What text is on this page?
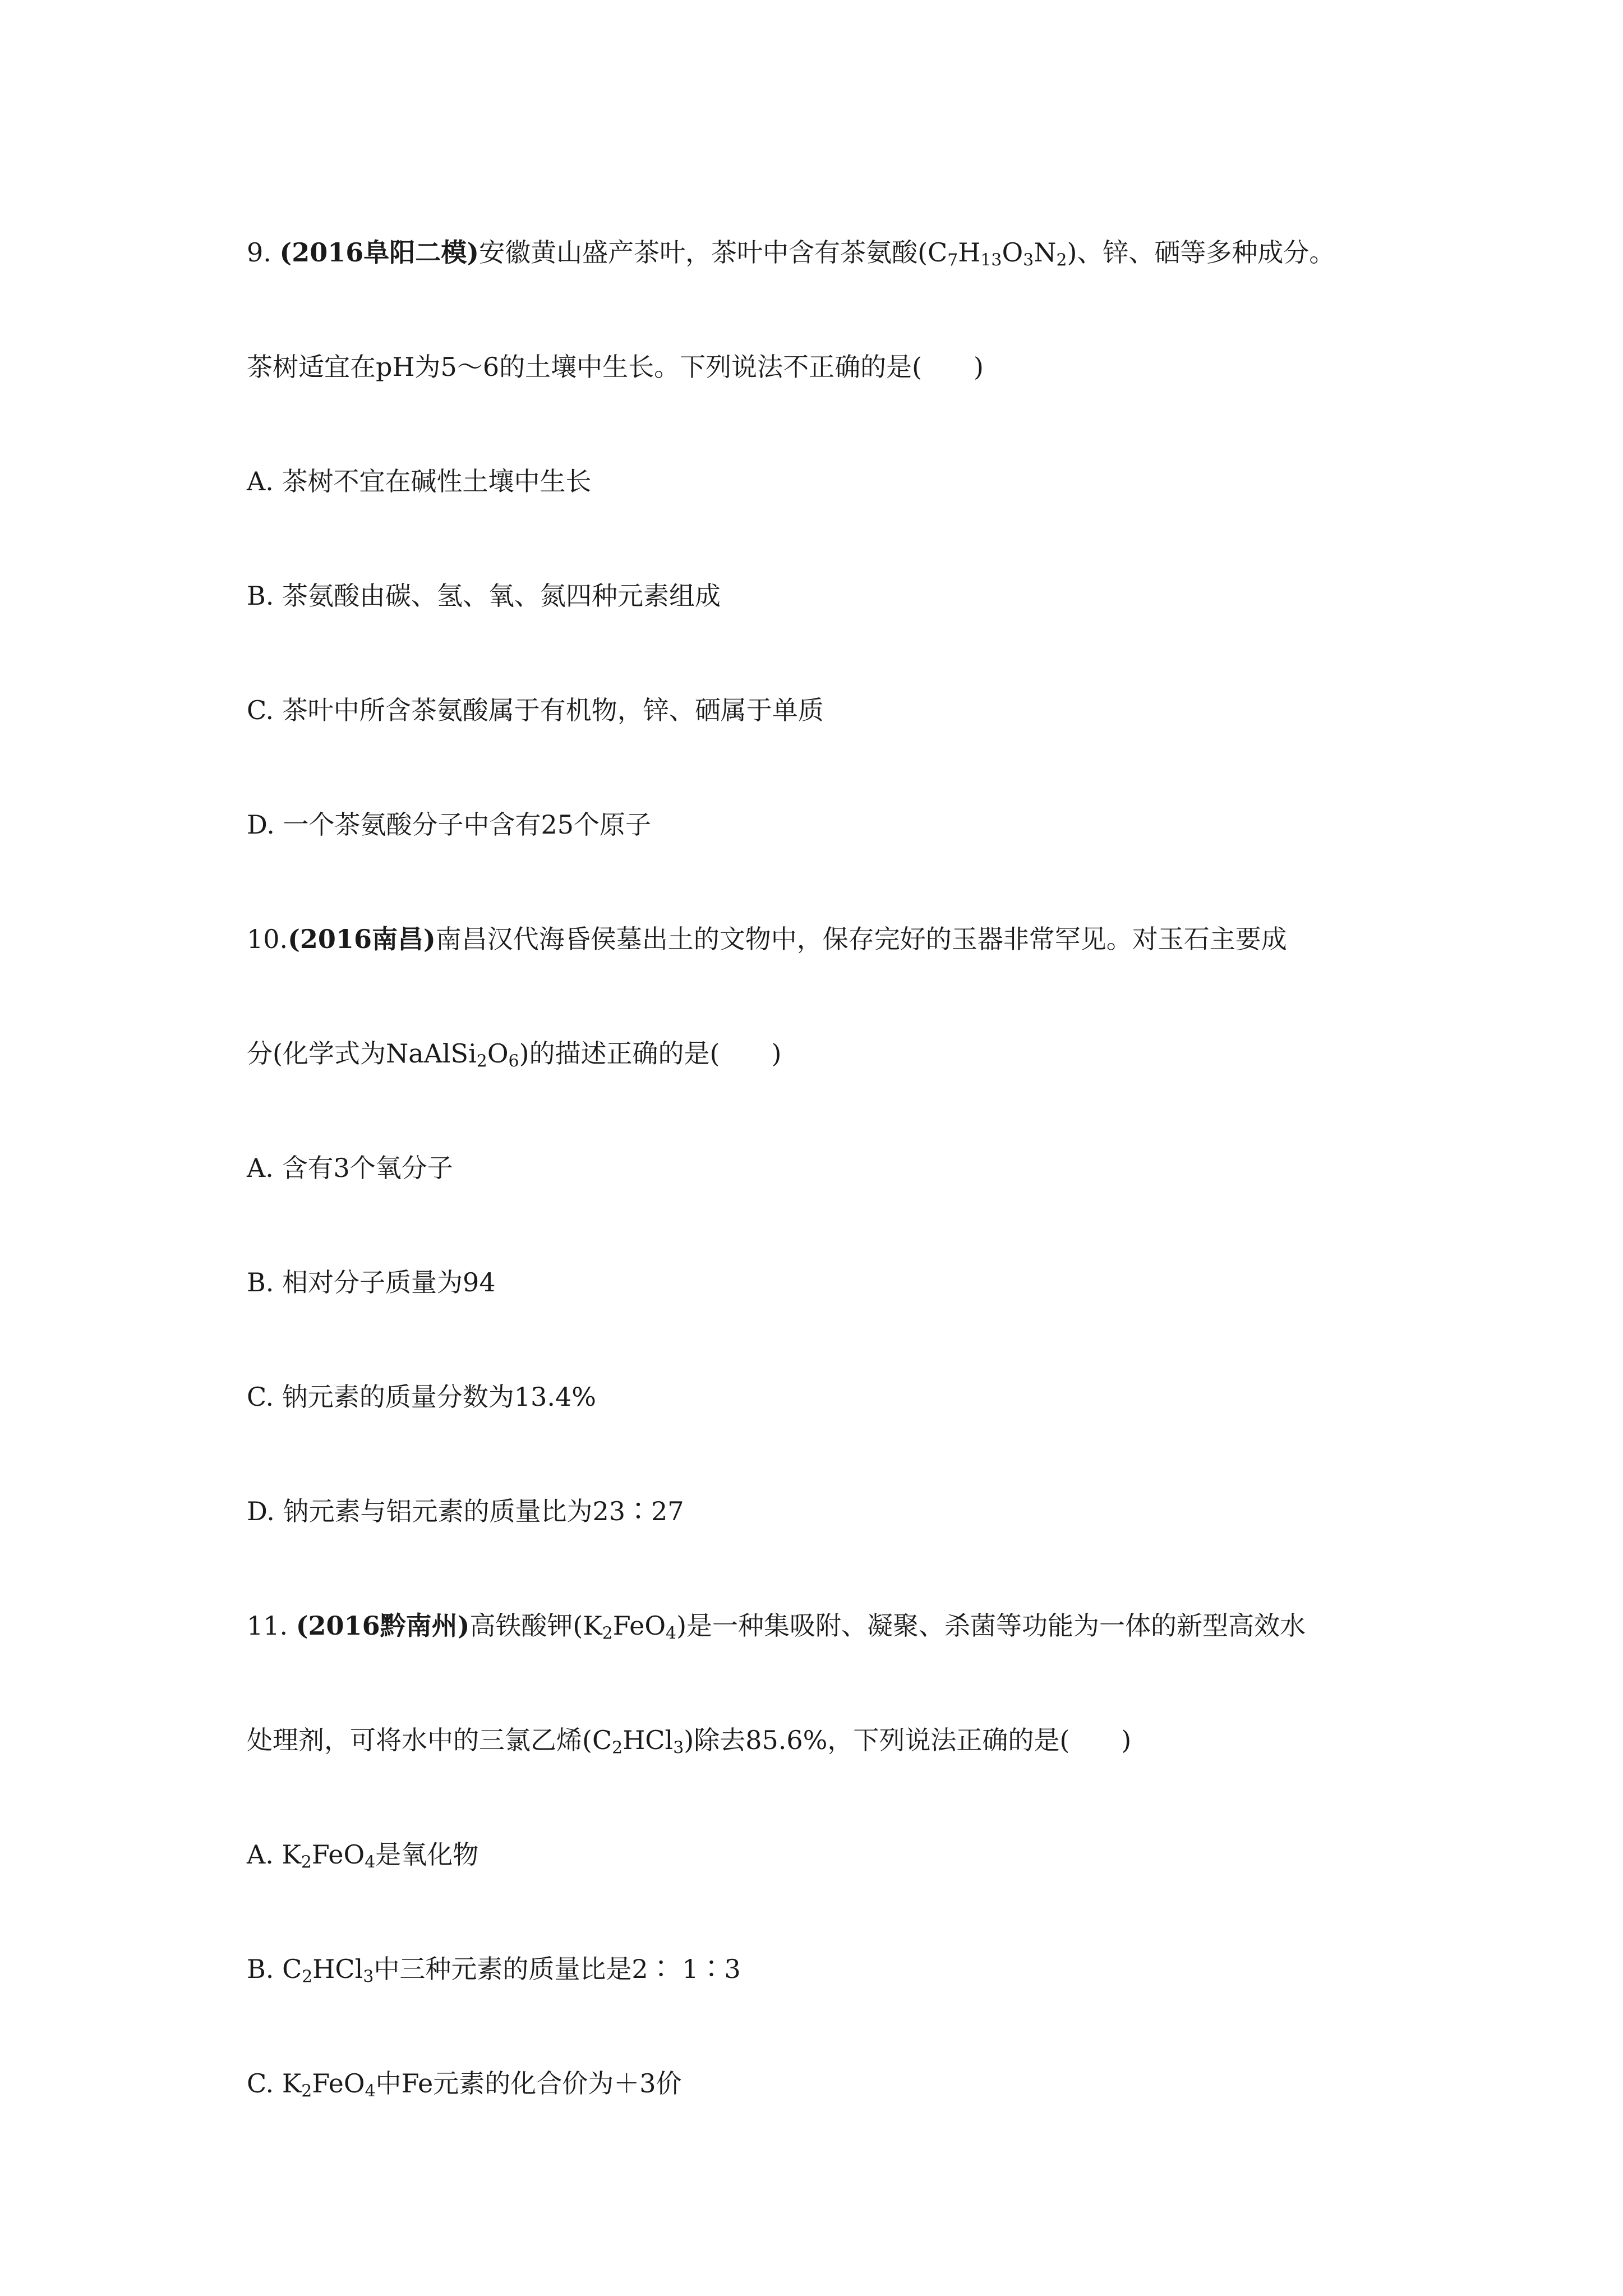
9. (2016阜阳二模)安徽黄山盛产茶叶，茶叶中含有茶氨酸$(C_7H_{13}O_3N_2)$、锌、硒等多种成分。
茶树适宜在pH为5～6的土壤中生长。下列说法不正确的是(　　)
A. 茶树不宜在碱性土壤中生长
B. 茶氨酸由碳、氢、氧、氮四种元素组成
C. 茶叶中所含茶氨酸属于有机物，锌、硒属于单质
D. 一个茶氨酸分子中含有25个原子
10.(2016南昌)南昌汉代海昏侯墓出土的文物中，保存完好的玉器非常罕见。对玉石主要成
分(化学式为$NaAlSi_2O_6$)的描述正确的是(　　)
A. 含有3个氧分子
B. 相对分子质量为94
C. 钠元素的质量分数为13.4%
D. 钠元素与铝元素的质量比为23∶27
11. (2016黔南州)高铁酸钾$(K_2FeO_4)$是一种集吸附、凝聚、杀菌等功能为一体的新型高效水
处理剂，可将水中的三氯乙烯$(C_2HCl_3)$除去85.6%，下列说法正确的是(　　)
A. $K_2FeO_4$是氧化物
B. $C_2HCl_3$中三种元素的质量比是2∶ 1∶3
C. $K_2FeO_4$中Fe元素的化合价为＋3价
